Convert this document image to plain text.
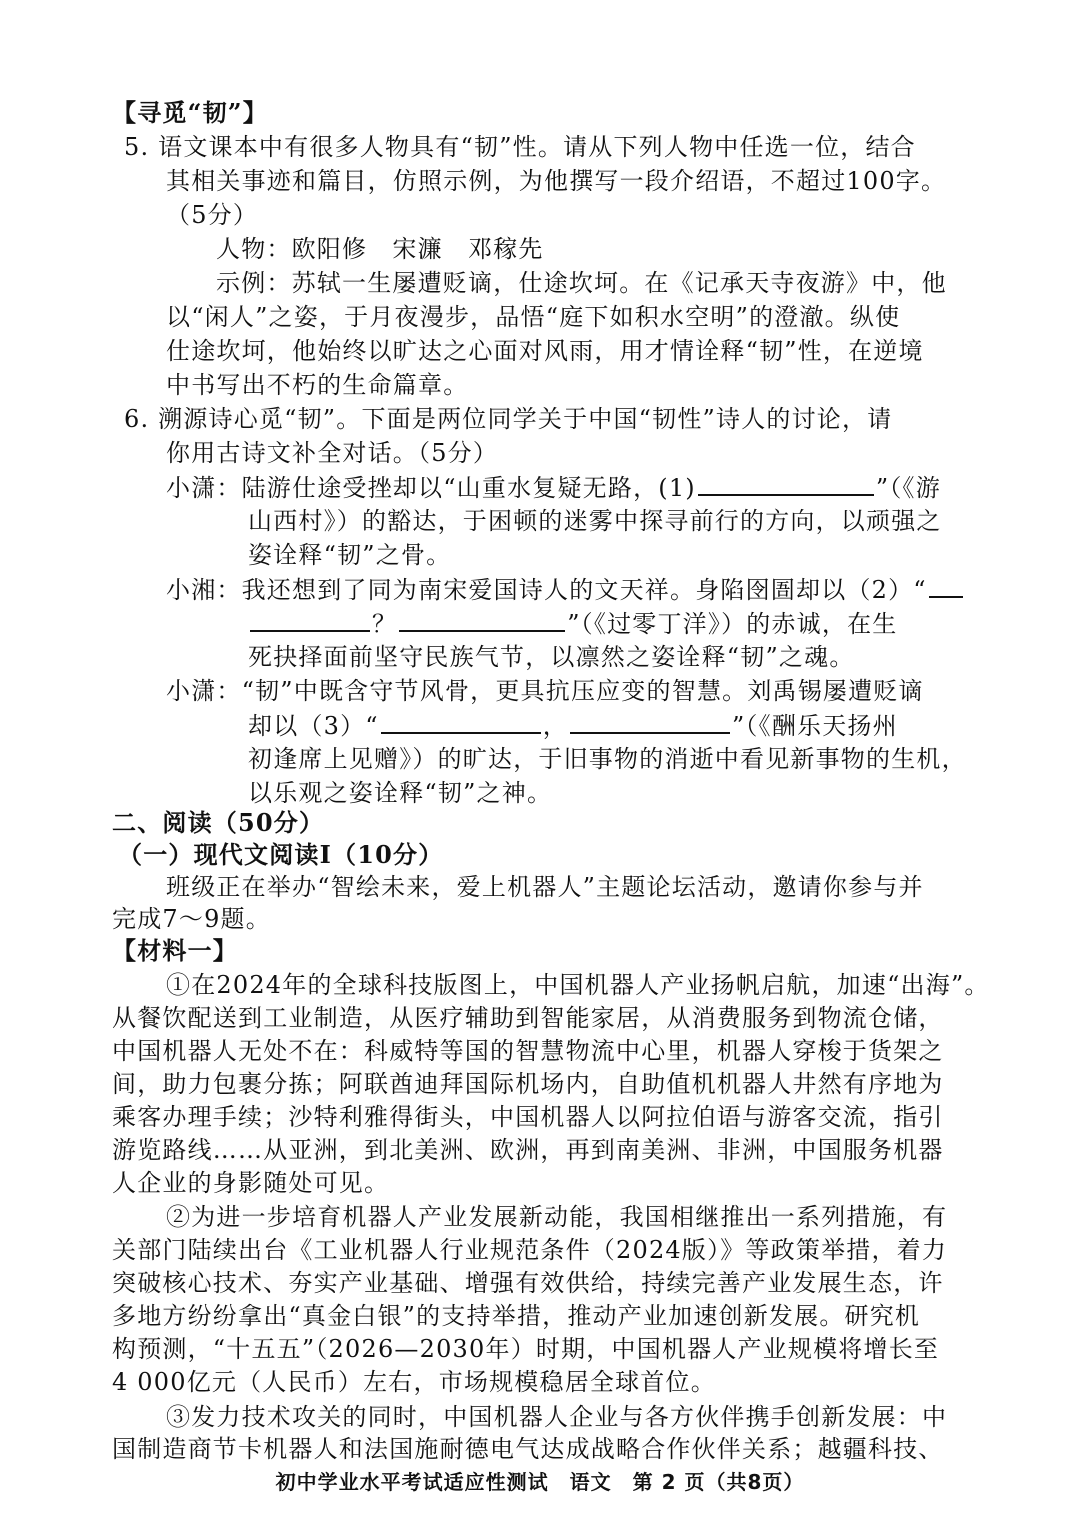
【寻觅“韧”】
5. 语文课本中有很多人物具有“韧”性。请从下列人物中任选一位，结合
其相关事迹和篇目，仿照示例，为他撰写一段介绍语，不超过100字。
（5分）
人物：欧阳修　宋濂　邓稼先
示例：苏轼一生屡遭贬谪，仕途坎坷。在《记承天寺夜游》中，他
以“闲人”之姿，于月夜漫步，品悟“庭下如积水空明”的澄澈。纵使
仕途坎坷，他始终以旷达之心面对风雨，用才情诠释“韧”性，在逆境
中书写出不朽的生命篇章。
6. 溯源诗心觅“韧”。下面是两位同学关于中国“韧性”诗人的讨论，请
你用古诗文补全对话。（5分）
小潇：陆游仕途受挫却以“山重水复疑无路，(1)	”（《游
山西村》）的豁达，于困顿的迷雾中探寻前行的方向，以顽强之
姿诠释“韧”之骨。
小湘：我还想到了同为南宋爱国诗人的文天祥。身陷囹圄却以（2）“
？	”（《过零丁洋》）的赤诚，在生
死抉择面前坚守民族气节，以凛然之姿诠释“韧”之魂。
小潇：“韧”中既含守节风骨，更具抗压应变的智慧。刘禹锡屡遭贬谪
却以（3）“	，	”（《酬乐天扬州
初逢席上见赠》）的旷达，于旧事物的消逝中看见新事物的生机，
以乐观之姿诠释“韧”之神。
二、阅读（50分）
（一）现代文阅读Ⅰ（10分）
班级正在举办“智绘未来，爱上机器人”主题论坛活动，邀请你参与并
完成7～9题。
【材料一】
①在2024年的全球科技版图上，中国机器人产业扬帆启航，加速“出海”。
从餐饮配送到工业制造，从医疗辅助到智能家居，从消费服务到物流仓储，
中国机器人无处不在：科威特等国的智慧物流中心里，机器人穿梭于货架之
间，助力包裹分拣；阿联酋迪拜国际机场内，自助值机机器人井然有序地为
乘客办理手续；沙特利雅得街头，中国机器人以阿拉伯语与游客交流，指引
游览路线……从亚洲，到北美洲、欧洲，再到南美洲、非洲，中国服务机器
人企业的身影随处可见。
②为进一步培育机器人产业发展新动能，我国相继推出一系列措施，有
关部门陆续出台《工业机器人行业规范条件（2024版）》等政策举措，着力
突破核心技术、夯实产业基础、增强有效供给，持续完善产业发展生态，许
多地方纷纷拿出“真金白银”的支持举措，推动产业加速创新发展。研究机
构预测，“十五五”（2026—2030年）时期，中国机器人产业规模将增长至
4 000亿元（人民币）左右，市场规模稳居全球首位。
③发力技术攻关的同时，中国机器人企业与各方伙伴携手创新发展：中
国制造商节卡机器人和法国施耐德电气达成战略合作伙伴关系；越疆科技、
初中学业水平考试适应性测试　语文　第 2 页（共8页）
